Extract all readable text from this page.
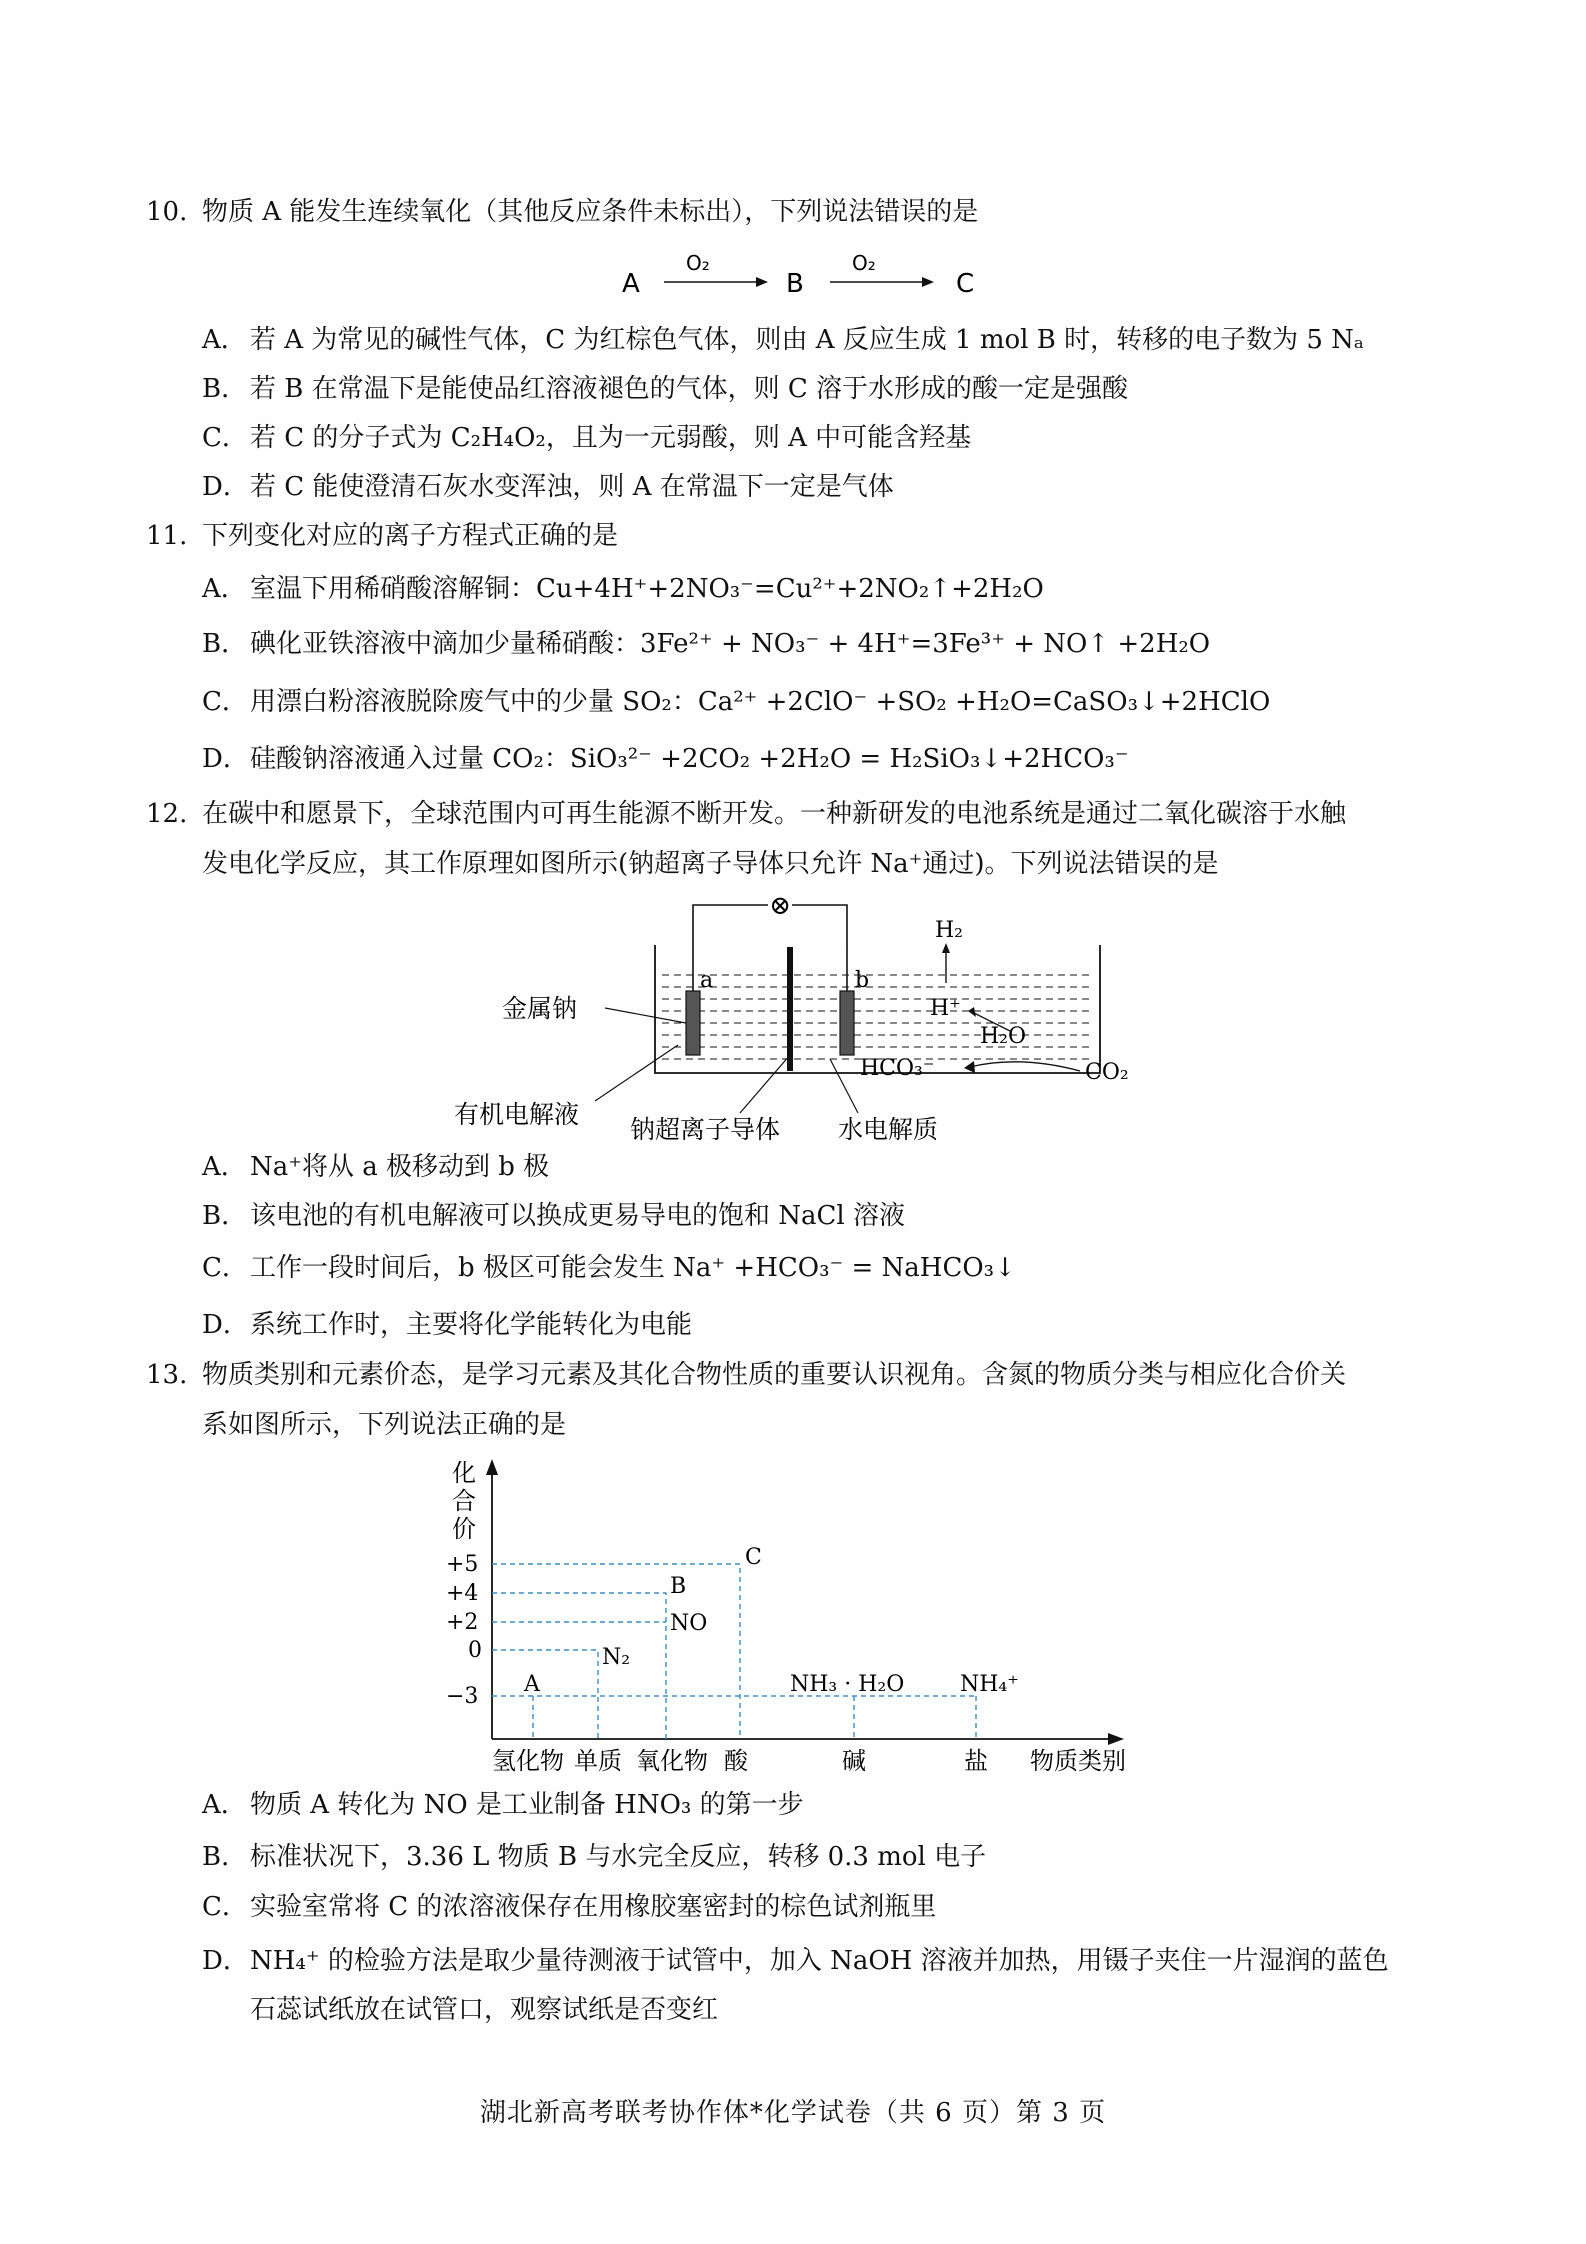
10. 物质 A 能发生连续氧化（其他反应条件未标出），下列说法错误的是
A
O₂
B
O₂
C
A． 若 A 为常见的碱性气体，C 为红棕色气体，则由 A 反应生成 1 mol B 时，转移的电子数为 5 Nₐ
B． 若 B 在常温下是能使品红溶液褪色的气体，则 C 溶于水形成的酸一定是强酸
C． 若 C 的分子式为 C₂H₄O₂，且为一元弱酸，则 A 中可能含羟基
D． 若 C 能使澄清石灰水变浑浊，则 A 在常温下一定是气体
11. 下列变化对应的离子方程式正确的是
A． 室温下用稀硝酸溶解铜：Cu+4H⁺+2NO₃⁻=Cu²⁺+2NO₂↑+2H₂O
B． 碘化亚铁溶液中滴加少量稀硝酸：3Fe²⁺ + NO₃⁻ + 4H⁺=3Fe³⁺ + NO↑ +2H₂O
C． 用漂白粉溶液脱除废气中的少量 SO₂：Ca²⁺ +2ClO⁻ +SO₂ +H₂O=CaSO₃↓+2HClO
D． 硅酸钠溶液通入过量 CO₂：SiO₃²⁻ +2CO₂ +2H₂O = H₂SiO₃↓+2HCO₃⁻
12. 在碳中和愿景下，全球范围内可再生能源不断开发。一种新研发的电池系统是通过二氧化碳溶于水触
发电化学反应，其工作原理如图所示(钠超离子导体只允许 Na⁺通过)。下列说法错误的是
⊗
a	b
H₂
H⁺
H₂O
HCO₃⁻	CO₂
金属钠
有机电解液
钠超离子导体 水电解质
A． Na⁺将从 a 极移动到 b 极
B． 该电池的有机电解液可以换成更易导电的饱和 NaCl 溶液
C． 工作一段时间后，b 极区可能会发生 Na⁺ +HCO₃⁻ = NaHCO₃↓
D． 系统工作时，主要将化学能转化为电能
13. 物质类别和元素价态，是学习元素及其化合物性质的重要认识视角。含氮的物质分类与相应化合价关
系如图所示，下列说法正确的是
化
合
价
+5
+4
+2
0
−3
C
B
NO
N₂
A	NH₃ · H₂O	NH₄⁺
氢化物 单质 氧化物 酸	碱	盐 物质类别
A． 物质 A 转化为 NO 是工业制备 HNO₃ 的第一步
B． 标准状况下，3.36 L 物质 B 与水完全反应，转移 0.3 mol 电子
C． 实验室常将 C 的浓溶液保存在用橡胶塞密封的棕色试剂瓶里
D． NH₄⁺ 的检验方法是取少量待测液于试管中，加入 NaOH 溶液并加热，用镊子夹住一片湿润的蓝色
石蕊试纸放在试管口，观察试纸是否变红
湖北新高考联考协作体*化学试卷（共 6 页）第 3 页
